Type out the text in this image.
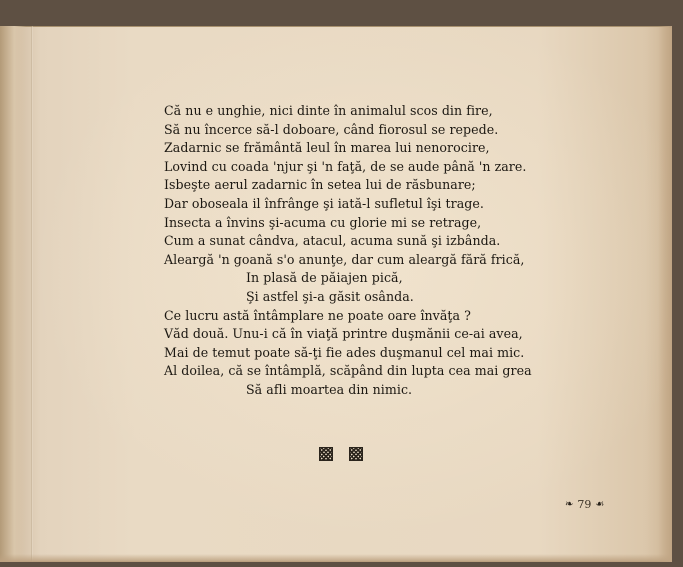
Că nu e unghie, nici dinte în animalul scos din fire,
Să nu încerce să-l doboare, când fiorosul se repede.
Zadarnic se frământă leul în marea lui nenorocire,
Lovind cu coada 'njur şi 'n faţă, de se aude până 'n zare.
Isbeşte aerul zadarnic în setea lui de răsbunare;
Dar oboseala il înfrânge şi iată-l sufletul îşi trage.
Insecta a învins şi-acuma cu glorie mi se retrage,
Cum a sunat cândva, atacul, acuma sună şi izbânda.
Aleargă 'n goană s'o anunţe, dar cum aleargă fără frică,
In plasă de păiajen pică,
Şi astfel şi-a găsit osânda.
Ce lucru astă întâmplare ne poate oare învăţa ?
Văd două. Unu-i că în viaţă printre duşmănii ce-ai avea,
Mai de temut poate să-ţi fie ades duşmanul cel mai mic.
Al doilea, că se întâmplă, scăpând din lupta cea mai grea
Să afli moartea din nimic.
❧ 79 ☙
